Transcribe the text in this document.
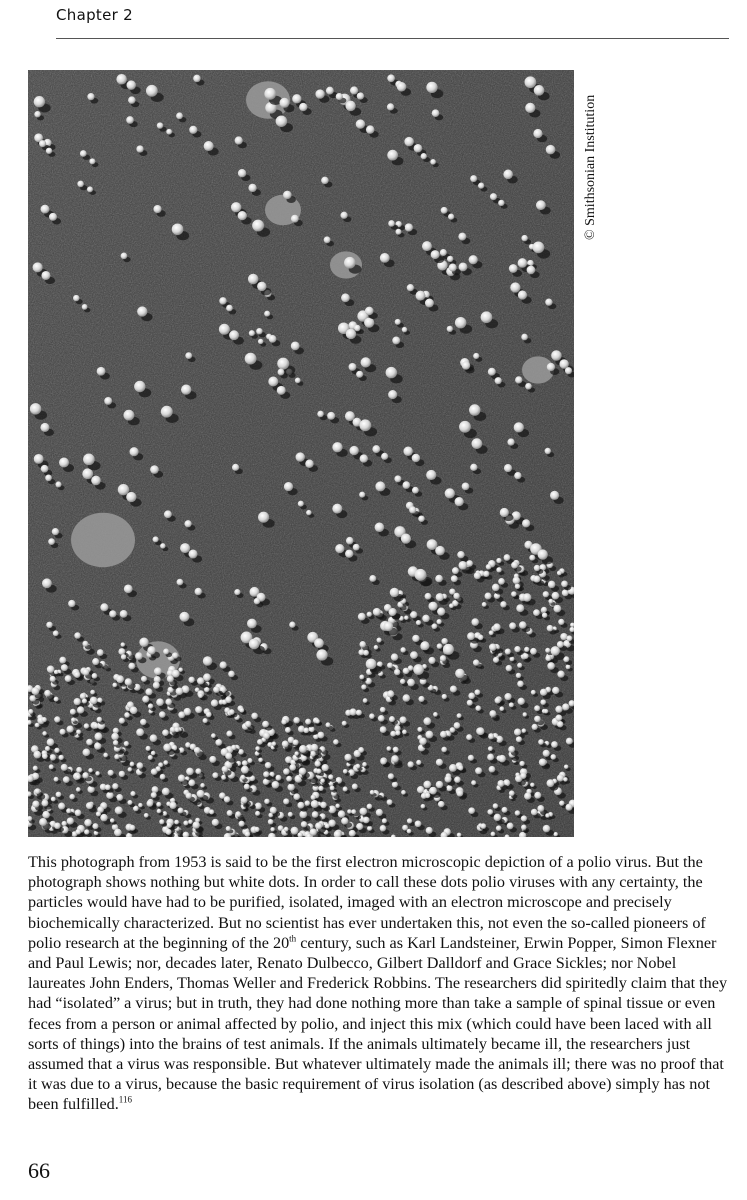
Chapter 2
© Smithsonian Institution
This photograph from 1953 is said to be the first electron microscopic depiction of a polio virus. But the photograph shows nothing but white dots. In order to call these dots polio viruses with any certainty, the particles would have had to be purified, isolated, imaged with an electron microscope and precisely biochemically characterized. But no scientist has ever undertaken this, not even the so-called pioneers of polio research at the beginning of the 20th century, such as Karl Landsteiner, Erwin Popper, Simon Flexner and Paul Lewis; nor, decades later, Renato Dulbecco, Gilbert Dalldorf and Grace Sickles; nor Nobel laureates John Enders, Thomas Weller and Frederick Robbins. The researchers did spiritedly claim that they had “isolated” a virus; but in truth, they had done nothing more than take a sample of spinal tissue or even feces from a person or animal affected by polio, and inject this mix (which could have been laced with all sorts of things) into the brains of test animals. If the animals ultimately became ill, the researchers just assumed that a virus was responsible. But whatever ultimately made the animals ill; there was no proof that it was due to a virus, because the basic requirement of virus isolation (as described above) simply has not been fulfilled.$^{116}$
66
